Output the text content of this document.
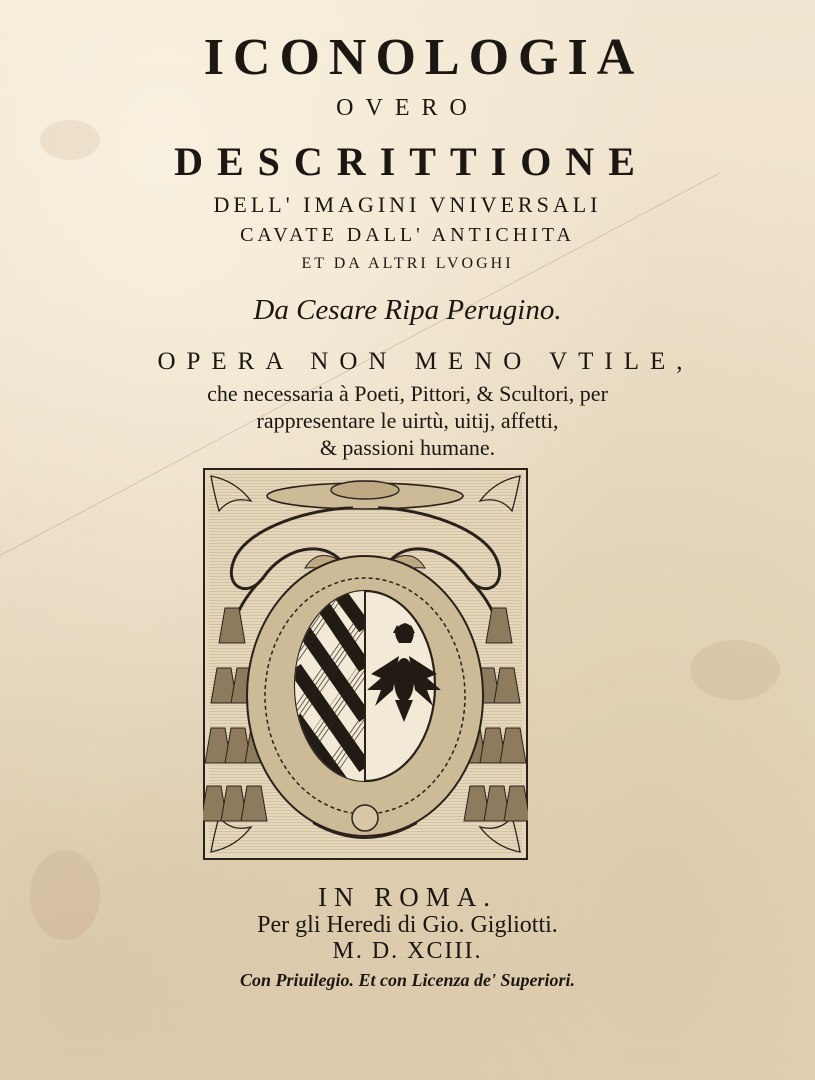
ICONOLOGIA
OVERO
DESCRITTIONE
DELL' IMAGINI VNIVERSALI
CAVATE DALL' ANTICHITA
ET DA ALTRI LVOGHI
Da Cesare Ripa Perugino.
OPERA NON MENO VTILE,
che necessaria à Poeti, Pittori, & Scultori, per
rappresentare le uirtù, uitij, affetti,
& passioni humane.
IN ROMA.
Per gli Heredi di Gio. Gigliotti.
M. D. XCIII.
Con Priuilegio. Et con Licenza de' Superiori.
